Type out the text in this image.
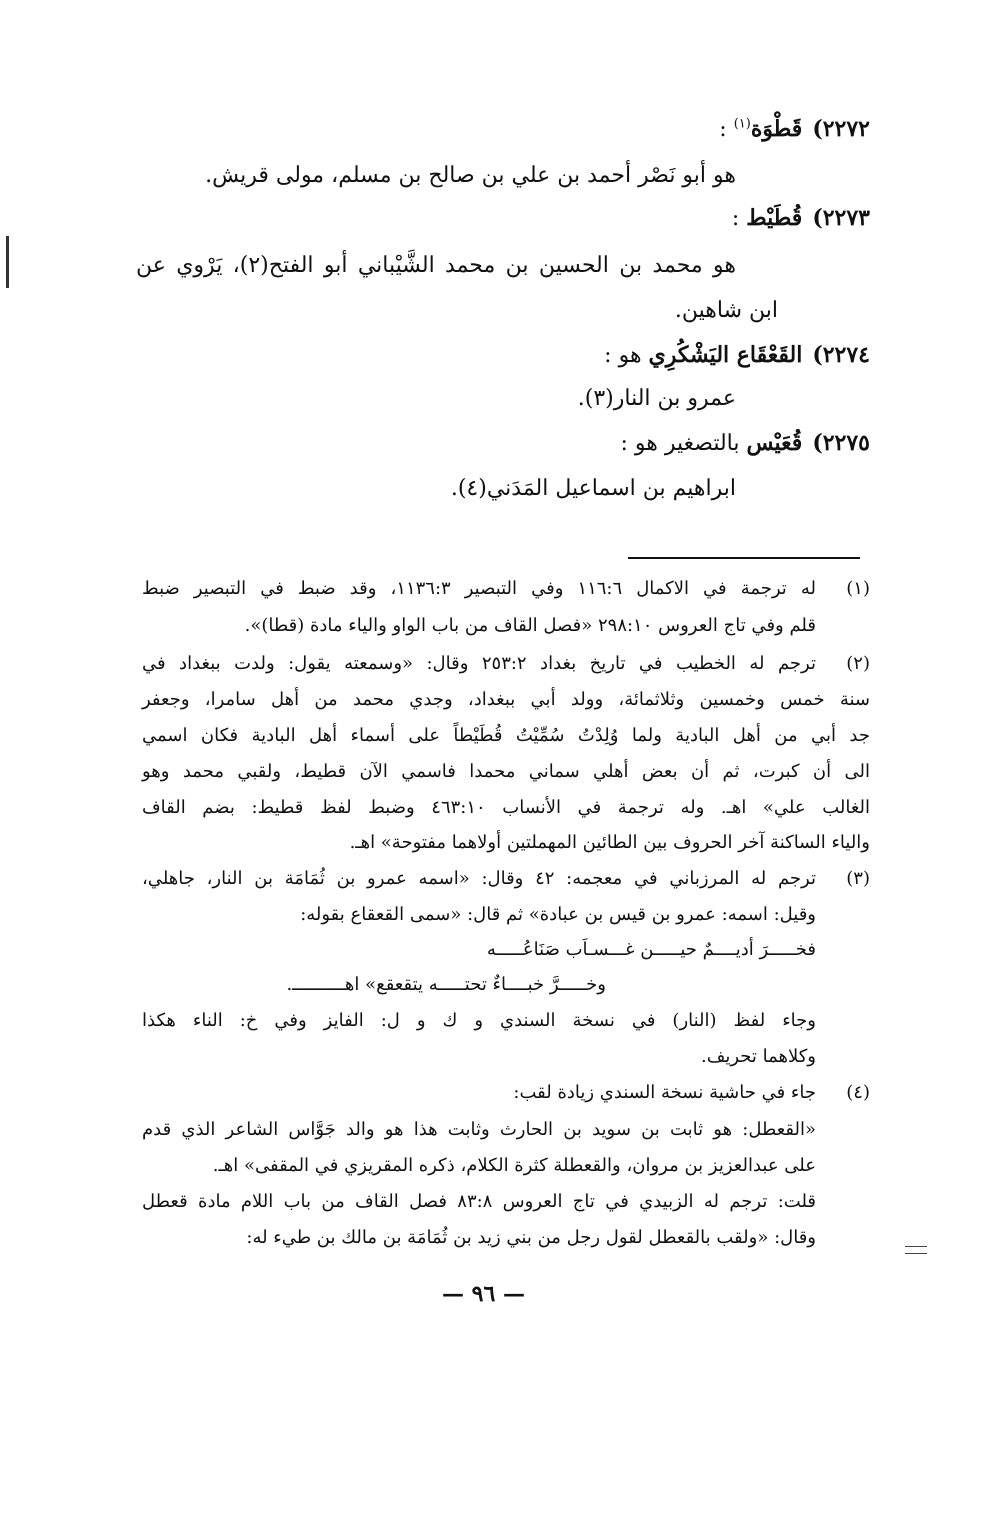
٢٢٧٢)قَطْوَة$^{(١)}$ :
هو أبو نَصْر أحمد بن علي بن صالح بن مسلم، مولى قريش.
٢٢٧٣)قُطَيْط :
هو محمد بن الحسين بن محمد الشَّيْباني أبو الفتح(٢)، يَرْوي عن
ابن شاهين.
٢٢٧٤)القَعْقَاع اليَشْكُرِي هو :
عمرو بن النار(٣).
٢٢٧٥)قُعَيْس بالتصغير هو :
ابراهيم بن اسماعيل المَدَني(٤).
(١)
له ترجمة في الاكمال ١١٦:٦ وفي التبصير ١١٣٦:٣، وقد ضبط في التبصير ضبط
قلم وفي تاج العروس ٢٩٨:١٠ «فصل القاف من باب الواو والياء مادة (قطا)».
(٢)
ترجم له الخطيب في تاريخ بغداد ٢٥٣:٢ وقال: «وسمعته يقول: ولدت ببغداد في
سنة خمس وخمسين وثلاثمائة، وولد أبي ببغداد، وجدي محمد من أهل سامرا، وجعفر
جد أبي من أهل البادية ولما وُلِدْتُ سُمِّيْتُ قُطَيْطاً على أسماء أهل البادية فكان اسمي
الى أن كبرت، ثم أن بعض أهلي سماني محمدا فاسمي الآن قطيط، ولقبي محمد وهو
الغالب علي» اهـ. وله ترجمة في الأنساب ٤٦٣:١٠ وضبط لفظ قطيط: بضم القاف
والياء الساكنة آخر الحروف بين الطائين المهملتين أولاهما مفتوحة» اهـ.
(٣)
ترجم له المرزباني في معجمه: ٤٢ وقال: «اسمه عمرو بن ثُمَامَة بن النار، جاهلي،
وقيل: اسمه: عمرو بن قيس بن عبادة» ثم قال: «سمى القعقاع بقوله:
فخـــــرَ أديــــمٌ حيـــــن غـــسـاَب صَنَاعُـــــه
وخـــــرَّ خبــــاءٌ تحتـــــه يتقعقع» اهــــــــــ.
وجاء لفظ (النار) في نسخة السندي و ك و ل: الفايز وفي خ: الناء هكذا
وكلاهما تحريف.
(٤)
جاء في حاشية نسخة السندي زيادة لقب:
«القعطل: هو ثابت بن سويد بن الحارث وثابت هذا هو والد جَوَّاس الشاعر الذي قدم
على عبدالعزيز بن مروان، والقعطلة كثرة الكلام، ذكره المقريزي في المقفى» اهـ.
قلت: ترجم له الزبيدي في تاج العروس ٨٣:٨ فصل القاف من باب اللام مادة قعطل
وقال: «ولقب بالقعطل لقول رجل من بني زيد بن ثُمَامَة بن مالك بن طيء له:
— ٩٦ —
